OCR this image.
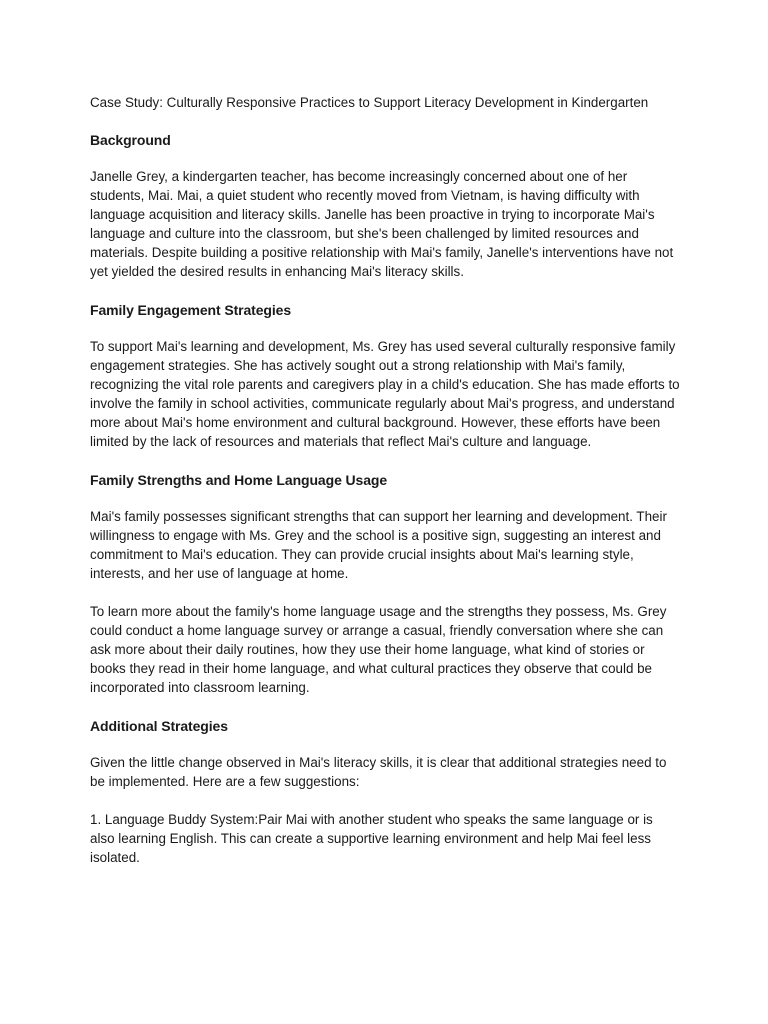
Case Study: Culturally Responsive Practices to Support Literacy Development in Kindergarten

Background

Janelle Grey, a kindergarten teacher, has become increasingly concerned about one of her students, Mai. Mai, a quiet student who recently moved from Vietnam, is having difficulty with language acquisition and literacy skills. Janelle has been proactive in trying to incorporate Mai's language and culture into the classroom, but she's been challenged by limited resources and materials. Despite building a positive relationship with Mai's family, Janelle's interventions have not yet yielded the desired results in enhancing Mai's literacy skills.

Family Engagement Strategies

To support Mai's learning and development, Ms. Grey has used several culturally responsive family engagement strategies. She has actively sought out a strong relationship with Mai's family, recognizing the vital role parents and caregivers play in a child's education. She has made efforts to involve the family in school activities, communicate regularly about Mai's progress, and understand more about Mai's home environment and cultural background. However, these efforts have been limited by the lack of resources and materials that reflect Mai's culture and language.

Family Strengths and Home Language Usage

Mai's family possesses significant strengths that can support her learning and development. Their willingness to engage with Ms. Grey and the school is a positive sign, suggesting an interest and commitment to Mai's education. They can provide crucial insights about Mai's learning style, interests, and her use of language at home.

To learn more about the family's home language usage and the strengths they possess, Ms. Grey could conduct a home language survey or arrange a casual, friendly conversation where she can ask more about their daily routines, how they use their home language, what kind of stories or books they read in their home language, and what cultural practices they observe that could be incorporated into classroom learning.

Additional Strategies

Given the little change observed in Mai's literacy skills, it is clear that additional strategies need to be implemented. Here are a few suggestions:

1. Language Buddy System:Pair Mai with another student who speaks the same language or is also learning English. This can create a supportive learning environment and help Mai feel less isolated.
